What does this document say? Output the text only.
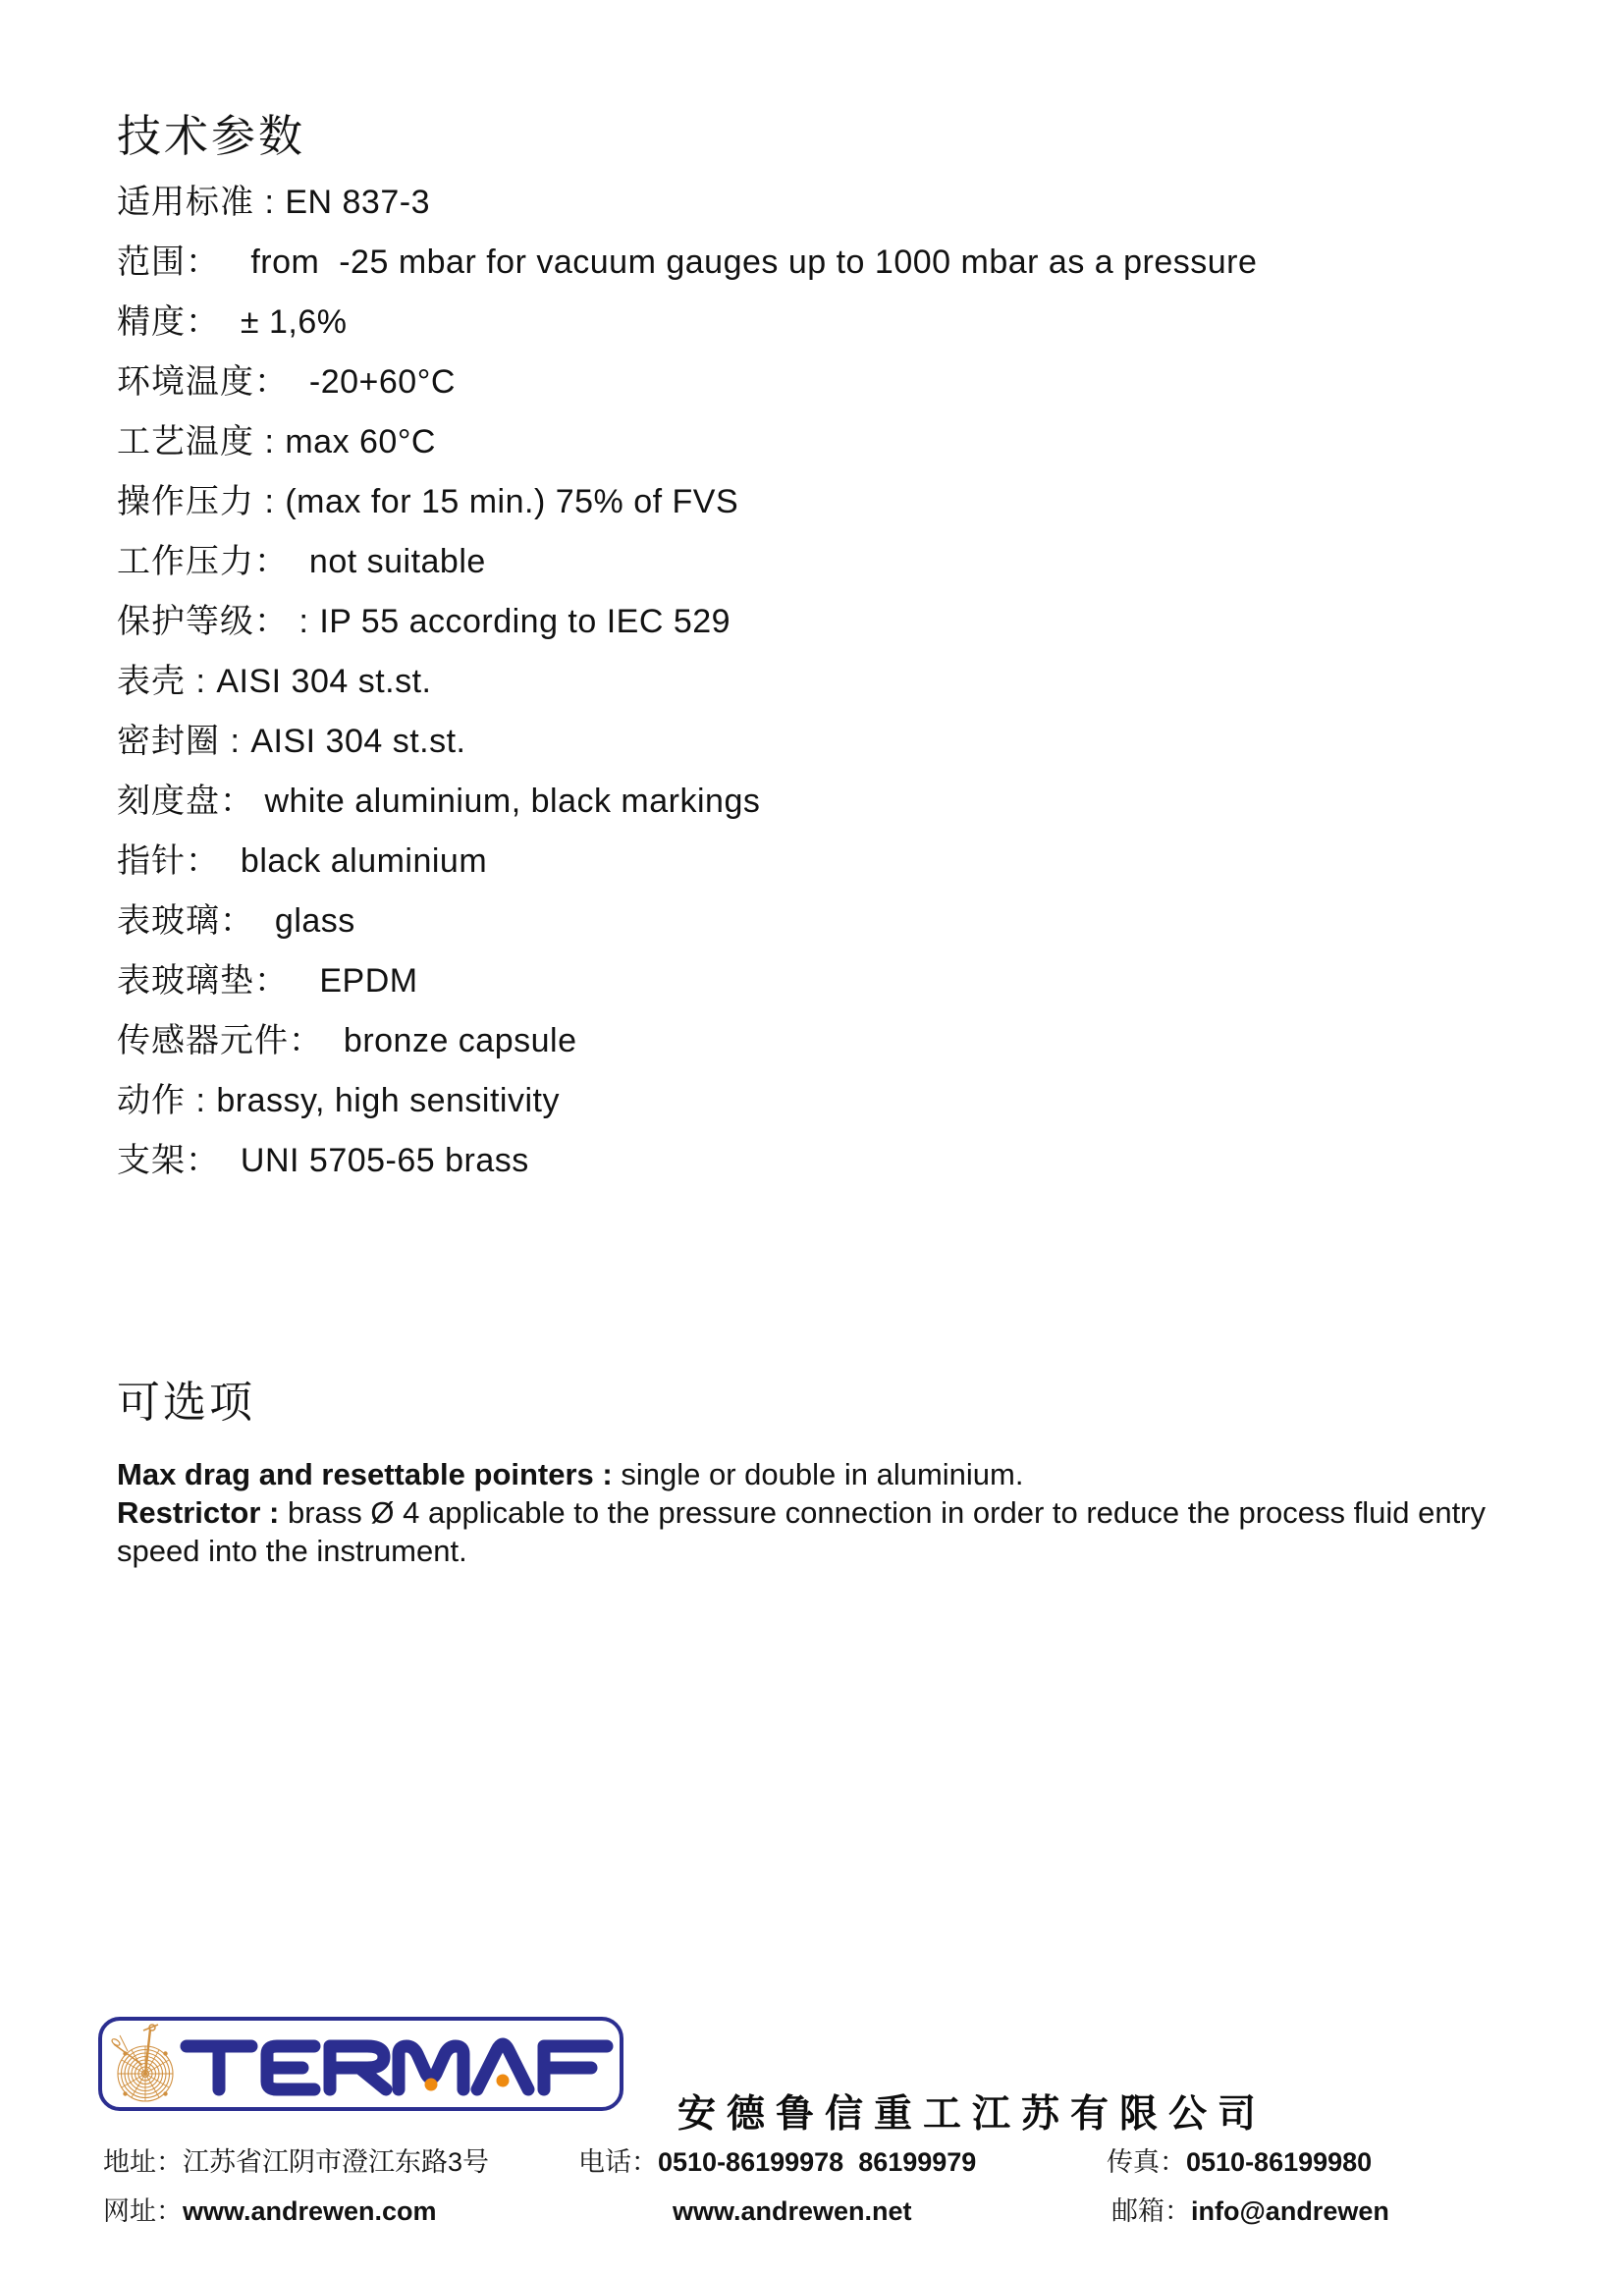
技术参数
适用标准 : EN 837-3
范围：   from  -25 mbar for vacuum gauges up to 1000 mbar as a pressure
精度：  ± 1,6%
环境温度：  -20+60°C
工艺温度 : max 60°C
操作压力 : (max for 15 min.) 75% of FVS
工作压力：  not suitable
保护等级： : IP 55 according to IEC 529
表壳 : AISI 304 st.st.
密封圈 : AISI 304 st.st.
刻度盘： white aluminium, black markings
指针：  black aluminium
表玻璃：  glass
表玻璃垫：   EPDM
传感器元件：  bronze capsule
动作 : brassy, high sensitivity
支架：  UNI 5705-65 brass
可选项
Max drag and resettable pointers : single or double in aluminium.
Restrictor : brass Ø 4 applicable to the pressure connection in order to reduce the process fluid entry speed into the instrument.
安德鲁信重工江苏有限公司
地址：江苏省江阴市澄江东路3号	电话：0510-86199978  86199979	传真：0510-86199980
网址：www.andrewen.com	www.andrewen.net	邮箱：info@andrewen
